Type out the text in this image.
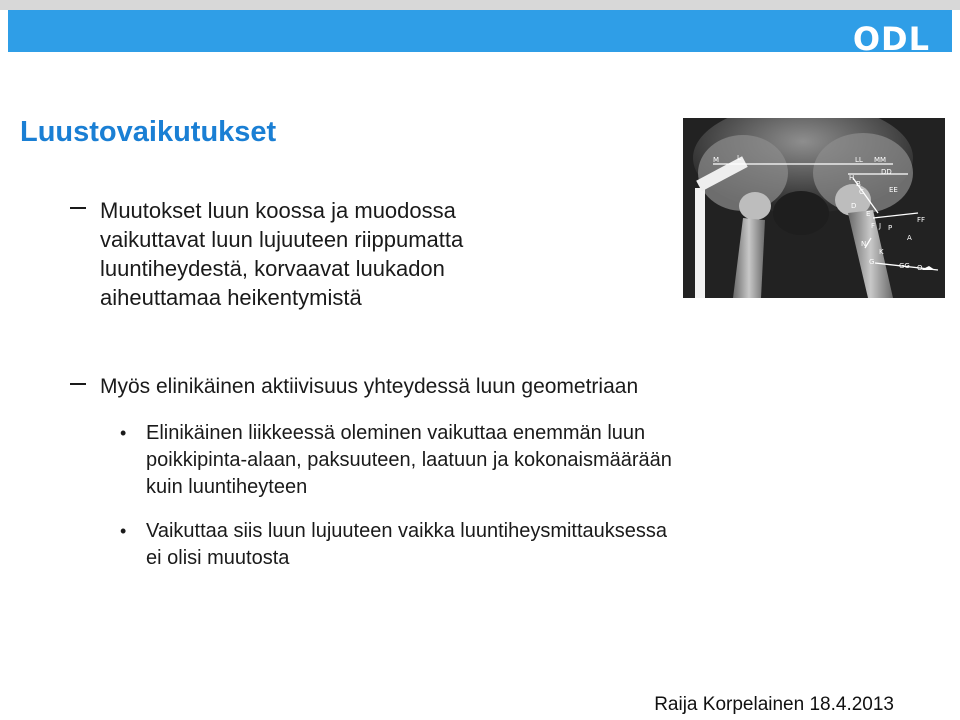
ODL
Luustovaikutukset
M	L	LL MM
DD
H
B
C	EE
D
E
F J P
FF
A
N
K
G	GG O
Muutokset luun koossa ja muodossa
vaikuttavat luun lujuuteen riippumatta
luuntiheydestä, korvaavat luukadon
aiheuttamaa heikentymistä
Myös elinikäinen aktiivisuus yhteydessä luun geometriaan
• Elinikäinen liikkeessä oleminen vaikuttaa enemmän luun
poikkipinta-alaan, paksuuteen, laatuun ja kokonaismäärään
kuin luuntiheyteen
• Vaikuttaa siis luun lujuuteen vaikka luuntiheysmittauksessa
ei olisi muutosta
Raija Korpelainen 18.4.2013
